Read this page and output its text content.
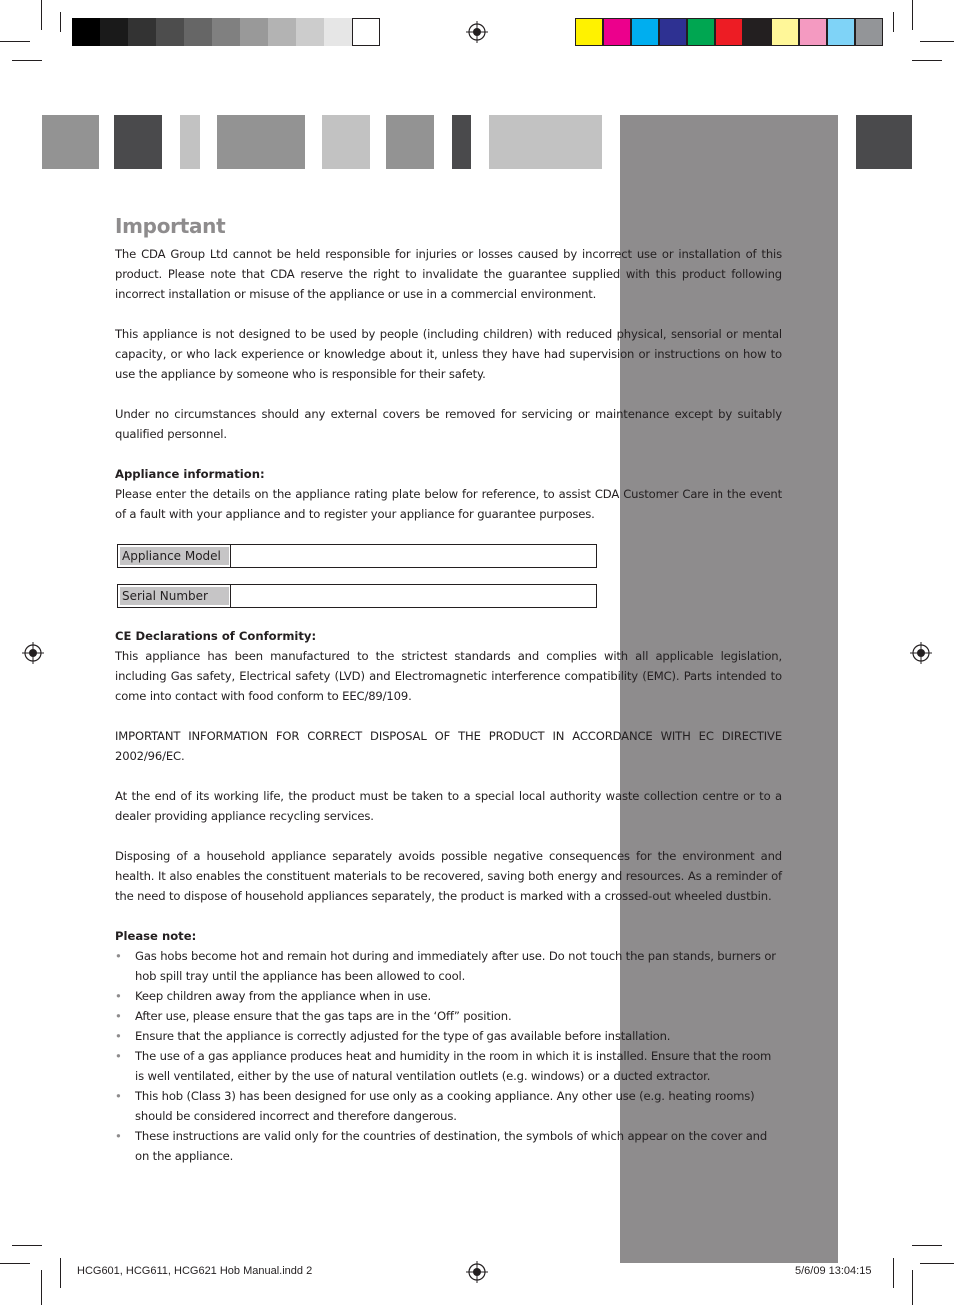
Important

The CDA Group Ltd cannot be held responsible for injuries or losses caused by incorrect use or installation of this product. Please note that CDA reserve the right to invalidate the guarantee supplied with this product following incorrect installation or misuse of the appliance or use in a commercial environment.

This appliance is not designed to be used by people (including children) with reduced physical, sensorial or mental capacity, or who lack experience or knowledge about it, unless they have had supervision or instructions on how to use the appliance by someone who is responsible for their safety.

Under no circumstances should any external covers be removed for servicing or maintenance except by suitably qualified personnel.

Appliance information:

Please enter the details on the appliance rating plate below for reference, to assist CDA Customer Care in the event of a fault with your appliance and to register your appliance for guarantee purposes.

Appliance Model
Serial Number
CE Declarations of Conformity:

This appliance has been manufactured to the strictest standards and complies with all applicable legislation, including Gas safety, Electrical safety (LVD) and Electromagnetic interference compatibility (EMC). Parts intended to come into contact with food conform to EEC/89/109.

IMPORTANT INFORMATION FOR CORRECT DISPOSAL OF THE PRODUCT IN ACCORDANCE WITH EC DIRECTIVE 2002/96/EC.

At the end of its working life, the product must be taken to a special local authority waste collection centre or to a dealer providing appliance recycling services.

Disposing of a household appliance separately avoids possible negative consequences for the environment and health. It also enables the constituent materials to be recovered, saving both energy and resources. As a reminder of the need to dispose of household appliances separately, the product is marked with a crossed-out wheeled dustbin.

Please note:
• Gas hobs become hot and remain hot during and immediately after use. Do not touch the pan stands, burners or hob spill tray until the appliance has been allowed to cool.
• Keep children away from the appliance when in use.
• After use, please ensure that the gas taps are in the ‘Off” position.
• Ensure that the appliance is correctly adjusted for the type of gas available before installation.
• The use of a gas appliance produces heat and humidity in the room in which it is installed. Ensure that the room is well ventilated, either by the use of natural ventilation outlets (e.g. windows) or a ducted extractor.
• This hob (Class 3) has been designed for use only as a cooking appliance. Any other use (e.g. heating rooms) should be considered incorrect and therefore dangerous.
• These instructions are valid only for the countries of destination, the symbols of which appear on the cover and on the appliance.
HCG601, HCG611, HCG621 Hob Manual.indd 2	5/6/09 13:04:15
